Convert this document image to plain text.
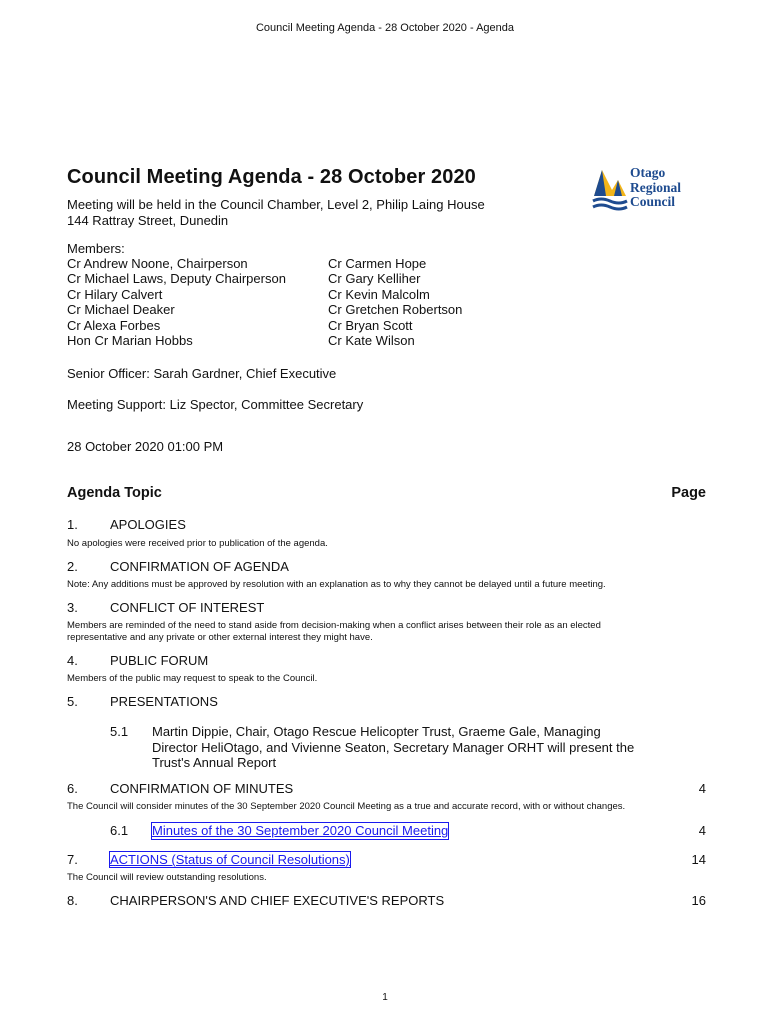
Council Meeting Agenda - 28 October 2020 - Agenda
Council Meeting Agenda - 28 October 2020	Otago
Regional
Council
Meeting will be held in the Council Chamber, Level 2, Philip Laing House
144 Rattray Street, Dunedin
Members:
Cr Andrew Noone, Chairperson
Cr Michael Laws, Deputy Chairperson
Cr Hilary Calvert
Cr Michael Deaker
Cr Alexa Forbes
Hon Cr Marian Hobbs
Cr Carmen Hope
Cr Gary Kelliher
Cr Kevin Malcolm
Cr Gretchen Robertson
Cr Bryan Scott
Cr Kate Wilson
Senior Officer: Sarah Gardner, Chief Executive
Meeting Support: Liz Spector, Committee Secretary
28 October 2020 01:00 PM
Agenda Topic	Page
1. APOLOGIES
No apologies were received prior to publication of the agenda.
2. CONFIRMATION OF AGENDA
Note: Any additions must be approved by resolution with an explanation as to why they cannot be delayed until a future meeting.
3. CONFLICT OF INTEREST
Members are reminded of the need to stand aside from decision-making when a conflict arises between their role as an elected
representative and any private or other external interest they might have.
4. PUBLIC FORUM
Members of the public may request to speak to the Council.
5. PRESENTATIONS
5.1 Martin Dippie, Chair, Otago Rescue Helicopter Trust, Graeme Gale, Managing
Director HeliOtago, and Vivienne Seaton, Secretary Manager ORHT will present the
Trust's Annual Report
6. CONFIRMATION OF MINUTES	4
The Council will consider minutes of the 30 September 2020 Council Meeting as a true and accurate record, with or without changes.
6.1 Minutes of the 30 September 2020 Council Meeting	4
7. ACTIONS (Status of Council Resolutions)	14
The Council will review outstanding resolutions.
8. CHAIRPERSON'S AND CHIEF EXECUTIVE'S REPORTS	16
1
